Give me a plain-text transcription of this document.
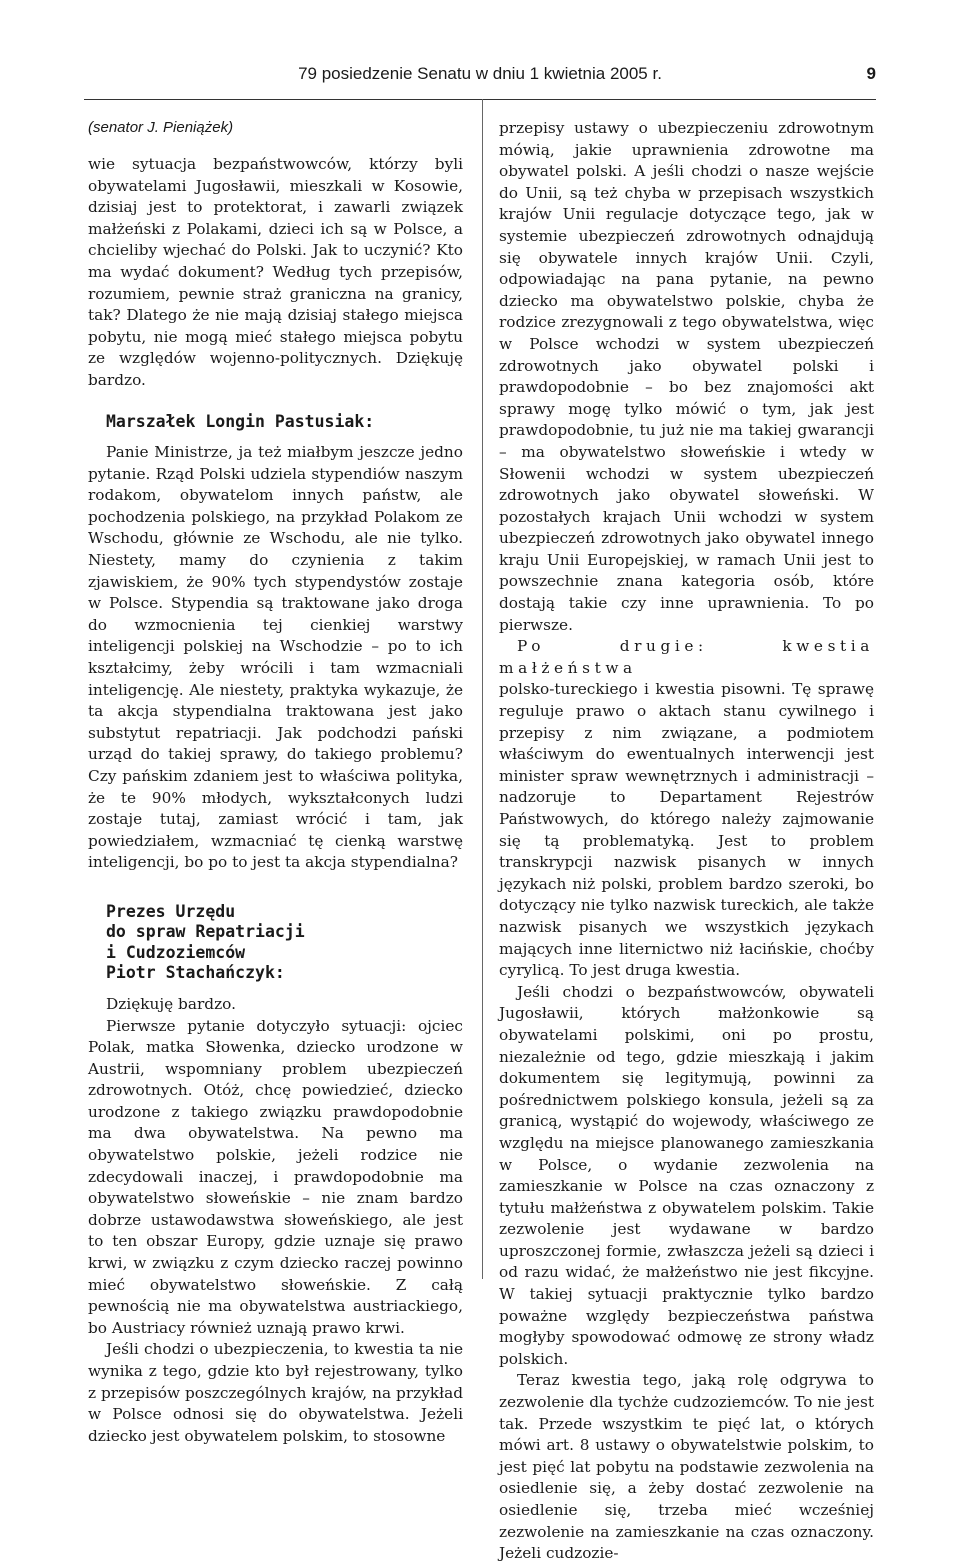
79 posiedzenie Senatu w dniu 1 kwietnia 2005 r.	9
(senator J. Pieniążek)

wie sytuacja bezpaństwowców, którzy byli obywatelami Jugosławii, mieszkali w Kosowie, dzisiaj jest to protektorat, i zawarli związek małżeński z Polakami, dzieci ich są w Polsce, a chcieliby wjechać do Polski. Jak to uczynić? Kto ma wydać dokument? Według tych przepisów, rozumiem, pewnie straż graniczna na granicy, tak? Dlatego że nie mają dzisiaj stałego miejsca pobytu, nie mogą mieć stałego miejsca pobytu ze względów wojenno-politycznych. Dziękuję bardzo.

Marszałek Longin Pastusiak:

Panie Ministrze, ja też miałbym jeszcze jedno pytanie. Rząd Polski udziela stypendiów naszym rodakom, obywatelom innych państw, ale pochodzenia polskiego, na przykład Polakom ze Wschodu, głównie ze Wschodu, ale nie tylko. Niestety, mamy do czynienia z takim zjawiskiem, że 90% tych stypendystów zostaje w Polsce. Stypendia są traktowane jako droga do wzmocnienia tej cienkiej warstwy inteligencji polskiej na Wschodzie – po to ich kształcimy, żeby wrócili i tam wzmacniali inteligencję. Ale niestety, praktyka wykazuje, że ta akcja stypendialna traktowana jest jako substytut repatriacji. Jak podchodzi pański urząd do takiej sprawy, do takiego problemu? Czy pańskim zdaniem jest to właściwa polityka, że te 90% młodych, wykształconych ludzi zostaje tutaj, zamiast wrócić i tam, jak powiedziałem, wzmacniać tę cienką warstwę inteligencji, bo po to jest ta akcja stypendialna?

Prezes Urzędu
do spraw Repatriacji
i Cudzoziemców
Piotr Stachańczyk:

Dziękuję bardzo.

Pierwsze pytanie dotyczyło sytuacji: ojciec Polak, matka Słowenka, dziecko urodzone w Austrii, wspomniany problem ubezpieczeń zdrowotnych. Otóż, chcę powiedzieć, dziecko urodzone z takiego związku prawdopodobnie ma dwa obywatelstwa. Na pewno ma obywatelstwo polskie, jeżeli rodzice nie zdecydowali inaczej, i prawdopodobnie ma obywatelstwo słoweńskie – nie znam bardzo dobrze ustawodawstwa słoweńskiego, ale jest to ten obszar Europy, gdzie uznaje się prawo krwi, w związku z czym dziecko raczej powinno mieć obywatelstwo słoweńskie. Z całą pewnością nie ma obywatelstwa austriackiego, bo Austriacy również uznają prawo krwi.

Jeśli chodzi o ubezpieczenia, to kwestia ta nie wynika z tego, gdzie kto był rejestrowany, tylko z przepisów poszczególnych krajów, na przykład w Polsce odnosi się do obywatelstwa. Jeżeli dziecko jest obywatelem polskim, to stosowne

przepisy ustawy o ubezpieczeniu zdrowotnym mówią, jakie uprawnienia zdrowotne ma obywatel polski. A jeśli chodzi o nasze wejście do Unii, są też chyba w przepisach wszystkich krajów Unii regulacje dotyczące tego, jak w systemie ubezpieczeń zdrowotnych odnajdują się obywatele innych krajów Unii. Czyli, odpowiadając na pana pytanie, na pewno dziecko ma obywatelstwo polskie, chyba że rodzice zrezygnowali z tego obywatelstwa, więc w Polsce wchodzi w system ubezpieczeń zdrowotnych jako obywatel polski i prawdopodobnie – bo bez znajomości akt sprawy mogę tylko mówić o tym, jak jest prawdopodobnie, tu już nie ma takiej gwarancji – ma obywatelstwo słoweńskie i wtedy w Słowenii wchodzi w system ubezpieczeń zdrowotnych jako obywatel słoweński. W pozostałych krajach Unii wchodzi w system ubezpieczeń zdrowotnych jako obywatel innego kraju Unii Europejskiej, w ramach Unii jest to powszechnie znana kategoria osób, które dostają takie czy inne uprawnienia. To po pierwsze.

Po drugie: kwestia małżeństwa

polsko-tureckiego i kwestia pisowni. Tę sprawę reguluje prawo o aktach stanu cywilnego i przepisy z nim związane, a podmiotem właściwym do ewentualnych interwencji jest minister spraw wewnętrznych i administracji – nadzoruje to Departament Rejestrów Państwowych, do którego należy zajmowanie się tą problematyką. Jest to problem transkrypcji nazwisk pisanych w innych językach niż polski, problem bardzo szeroki, bo dotyczący nie tylko nazwisk tureckich, ale także nazwisk pisanych we wszystkich językach mających inne liternictwo niż łacińskie, choćby cyrylicą. To jest druga kwestia.

Jeśli chodzi o bezpaństwowców, obywateli Jugosławii, których małżonkowie są obywatelami polskimi, oni po prostu, niezależnie od tego, gdzie mieszkają i jakim dokumentem się legitymują, powinni za pośrednictwem polskiego konsula, jeżeli są za granicą, wystąpić do wojewody, właściwego ze względu na miejsce planowanego zamieszkania w Polsce, o wydanie zezwolenia na zamieszkanie w Polsce na czas oznaczony z tytułu małżeństwa z obywatelem polskim. Takie zezwolenie jest wydawane w bardzo uproszczonej formie, zwłaszcza jeżeli są dzieci i od razu widać, że małżeństwo nie jest fikcyjne. W takiej sytuacji praktycznie tylko bardzo poważne względy bezpieczeństwa państwa mogłyby spowodować odmowę ze strony władz polskich.

Teraz kwestia tego, jaką rolę odgrywa to zezwolenie dla tychże cudzoziemców. To nie jest tak. Przede wszystkim te pięć lat, o których mówi art. 8 ustawy o obywatelstwie polskim, to jest pięć lat pobytu na podstawie zezwolenia na osiedlenie się, a żeby dostać zezwolenie na osiedlenie się, trzeba mieć wcześniej zezwolenie na zamieszkanie na czas oznaczony. Jeżeli cudzozie-
